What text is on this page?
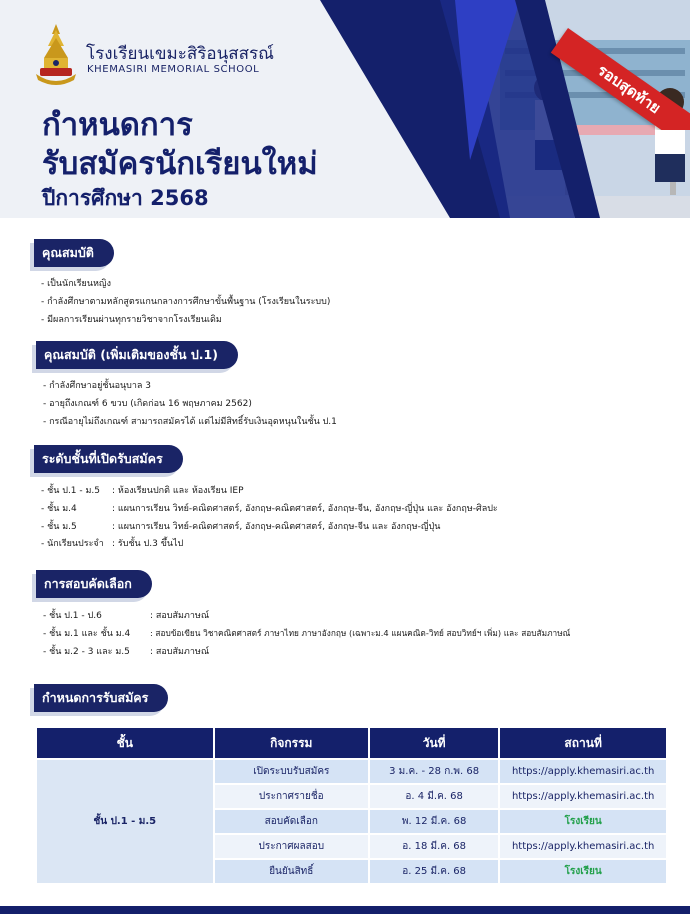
โรงเรียนเขมะสิริอนุสสรณ์
KHEMASIRI MEMORIAL SCHOOL
กำหนดการ
รับสมัครนักเรียนใหม่
ปีการศึกษา 2568
รอบสุดท้าย
คุณสมบัติ
- เป็นนักเรียนหญิง
- กำลังศึกษาตามหลักสูตรแกนกลางการศึกษาขั้นพื้นฐาน (โรงเรียนในระบบ)
- มีผลการเรียนผ่านทุกรายวิชาจากโรงเรียนเดิม
คุณสมบัติ (เพิ่มเติมของชั้น ป.1)
- กำลังศึกษาอยู่ชั้นอนุบาล 3
- อายุถึงเกณฑ์ 6 ขวบ (เกิดก่อน 16 พฤษภาคม 2562)
- กรณีอายุไม่ถึงเกณฑ์ สามารถสมัครได้ แต่ไม่มีสิทธิ์รับเงินอุดหนุนในชั้น ป.1
ระดับชั้นที่เปิดรับสมัคร
- ชั้น ป.1 - ม.5 : ห้องเรียนปกติ และ ห้องเรียน IEP
- ชั้น ม.4	: แผนการเรียน วิทย์-คณิตศาสตร์, อังกฤษ-คณิตศาสตร์, อังกฤษ-จีน, อังกฤษ-ญี่ปุ่น และ อังกฤษ-ศิลปะ
- ชั้น ม.5	: แผนการเรียน วิทย์-คณิตศาสตร์, อังกฤษ-คณิตศาสตร์, อังกฤษ-จีน และ อังกฤษ-ญี่ปุ่น
- นักเรียนประจำ : รับชั้น ป.3 ขึ้นไป
การสอบคัดเลือก
- ชั้น ป.1 - ป.6	: สอบสัมภาษณ์
- ชั้น ม.1 และ ชั้น ม.4 : สอบข้อเขียน วิชาคณิตศาสตร์ ภาษาไทย ภาษาอังกฤษ (เฉพาะม.4 แผนคณิต-วิทย์ สอบวิทย์ฯ เพิ่ม) และ สอบสัมภาษณ์
- ชั้น ม.2 - 3 และ ม.5 : สอบสัมภาษณ์
กำหนดการรับสมัคร
ชั้น	กิจกรรม	วันที่	สถานที่
ชั้น ป.1 - ม.5	เปิดระบบรับสมัคร	3 ม.ค. - 28 ก.พ. 68	https://apply.khemasiri.ac.th
	ประกาศรายชื่อ	อ. 4 มี.ค. 68	https://apply.khemasiri.ac.th
	สอบคัดเลือก	พ. 12 มี.ค. 68	โรงเรียน
	ประกาศผลสอบ	อ. 18 มี.ค. 68	https://apply.khemasiri.ac.th
	ยืนยันสิทธิ์	อ. 25 มี.ค. 68	โรงเรียน
